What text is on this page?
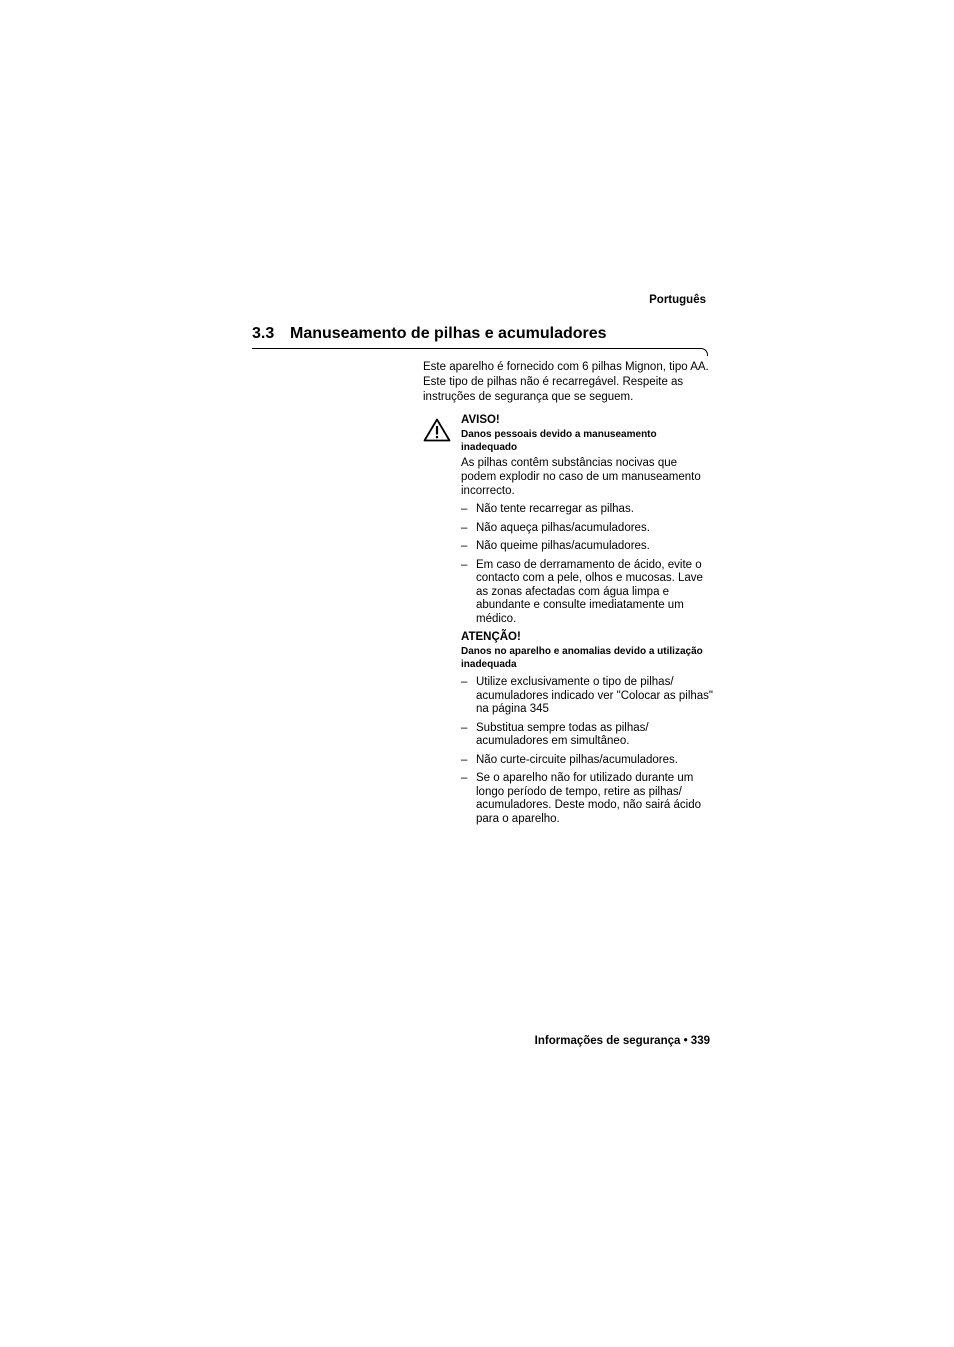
Português
3.3 Manuseamento de pilhas e acumuladores
Este aparelho é fornecido com 6 pilhas Mignon, tipo AA. Este tipo de pilhas não é recarregável. Respeite as instruções de segurança que se seguem.
AVISO!
Danos pessoais devido a manuseamento inadequado
As pilhas contêm substâncias nocivas que podem explodir no caso de um manuseamento incorrecto.
– Não tente recarregar as pilhas.
– Não aqueça pilhas/acumuladores.
– Não queime pilhas/acumuladores.
– Em caso de derramamento de ácido, evite o contacto com a pele, olhos e mucosas. Lave as zonas afectadas com água limpa e abundante e consulte imediatamente um médico.
ATENÇÃO!
Danos no aparelho e anomalias devido a utilização inadequada
– Utilize exclusivamente o tipo de pilhas/ acumuladores indicado ver "Colocar as pilhas" na página 345
– Substitua sempre todas as pilhas/ acumuladores em simultâneo.
– Não curte-circuite pilhas/acumuladores.
– Se o aparelho não for utilizado durante um longo período de tempo, retire as pilhas/ acumuladores. Deste modo, não sairá ácido para o aparelho.
Informações de segurança • 339
